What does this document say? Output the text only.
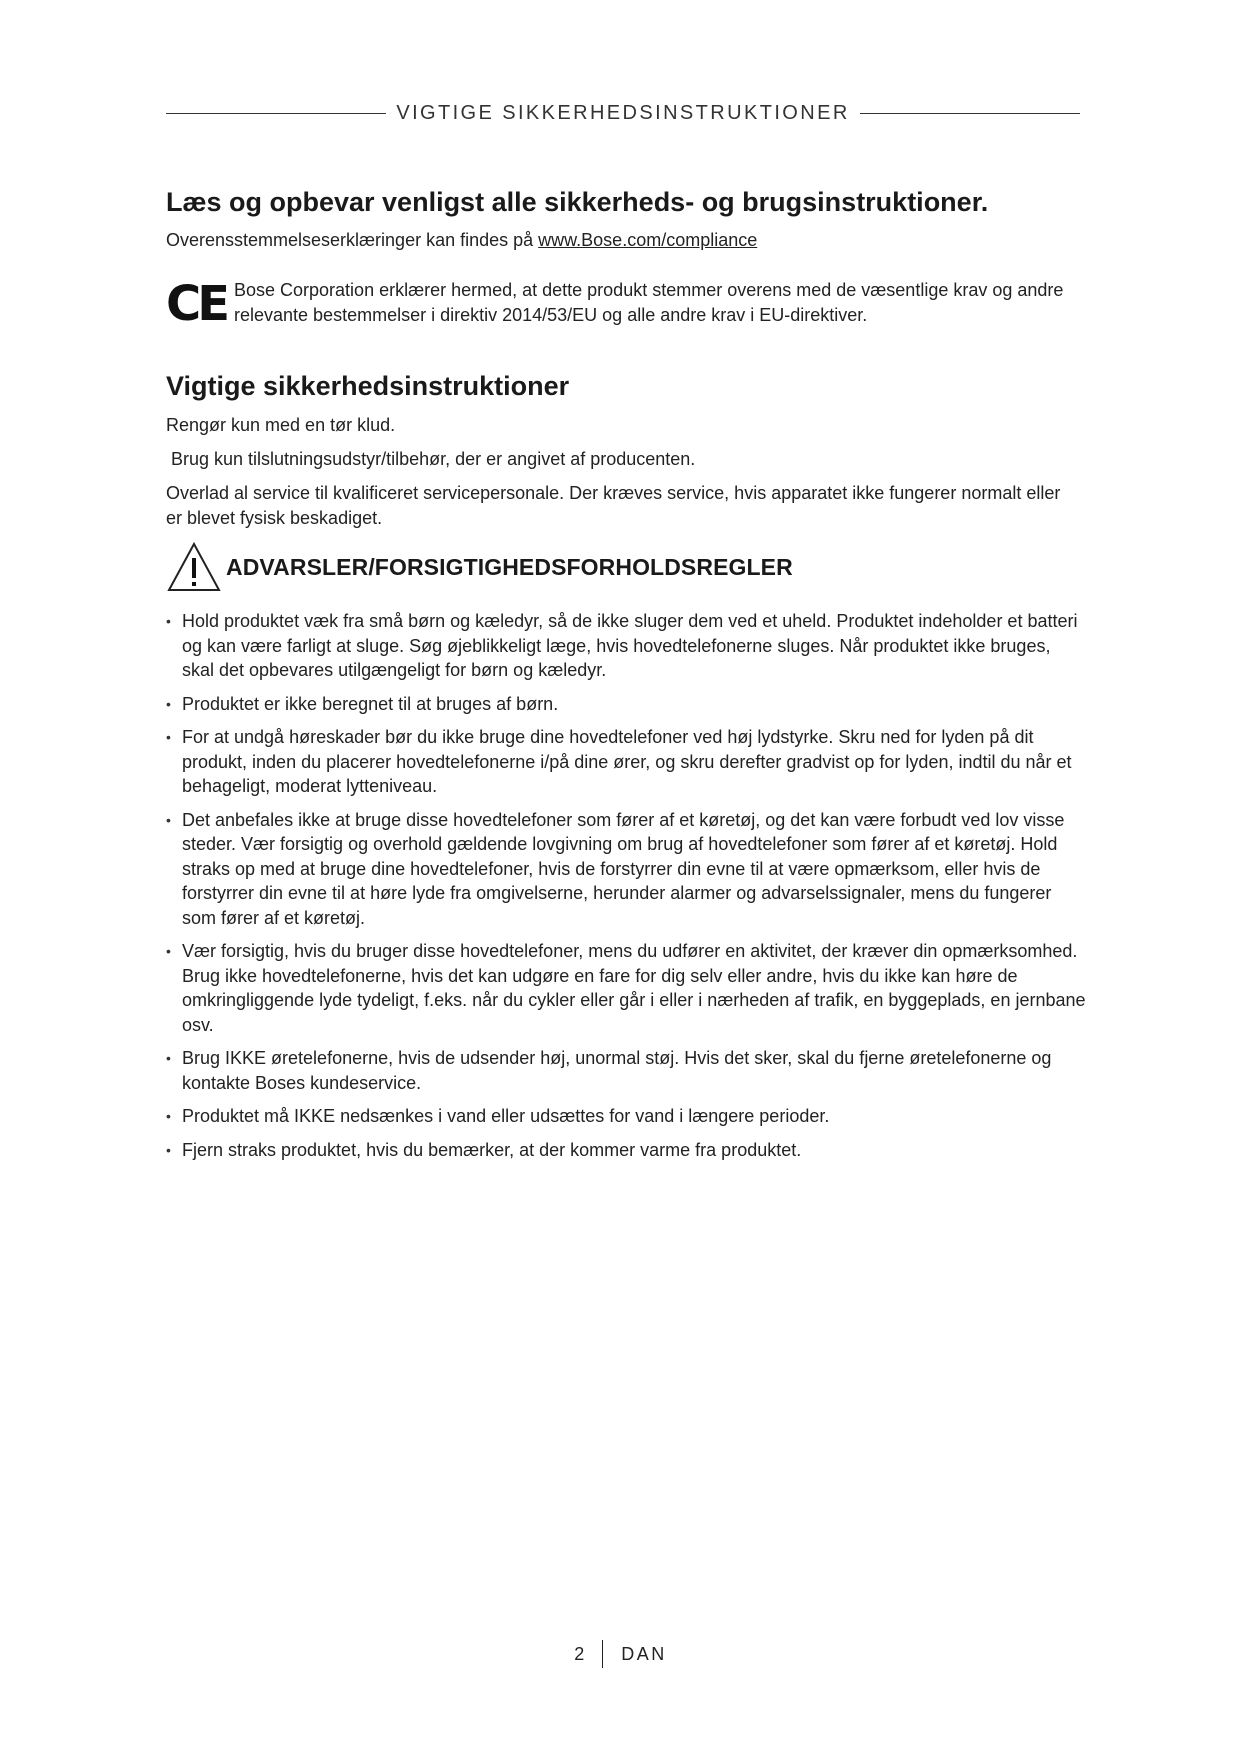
VIGTIGE SIKKERHEDSINSTRUKTIONER
Læs og opbevar venligst alle sikkerheds- og brugsinstruktioner.
Overensstemmelseserklæringer kan findes på www.Bose.com/compliance
CE Bose Corporation erklærer hermed, at dette produkt stemmer overens med de væsentlige krav og andre relevante bestemmelser i direktiv 2014/53/EU og alle andre krav i EU-direktiver.
Vigtige sikkerhedsinstruktioner

Rengør kun med en tør klud.

Brug kun tilslutningsudstyr/tilbehør, der er angivet af producenten.

Overlad al service til kvalificeret servicepersonale. Der kræves service, hvis apparatet ikke fungerer normalt eller er blevet fysisk beskadiget.

ADVARSLER/FORSIGTIGHEDSFORHOLDSREGLER
• Hold produktet væk fra små børn og kæledyr, så de ikke sluger dem ved et uheld. Produktet indeholder et batteri og kan være farligt at sluge. Søg øjeblikkeligt læge, hvis hovedtelefonerne sluges. Når produktet ikke bruges, skal det opbevares utilgængeligt for børn og kæledyr.
• Produktet er ikke beregnet til at bruges af børn.
• For at undgå høreskader bør du ikke bruge dine hovedtelefoner ved høj lydstyrke. Skru ned for lyden på dit produkt, inden du placerer hovedtelefonerne i/på dine ører, og skru derefter gradvist op for lyden, indtil du når et behageligt, moderat lytteniveau.
• Det anbefales ikke at bruge disse hovedtelefoner som fører af et køretøj, og det kan være forbudt ved lov visse steder. Vær forsigtig og overhold gældende lovgivning om brug af hovedtelefoner som fører af et køretøj. Hold straks op med at bruge dine hovedtelefoner, hvis de forstyrrer din evne til at være opmærksom, eller hvis de forstyrrer din evne til at høre lyde fra omgivelserne, herunder alarmer og advarselssignaler, mens du fungerer som fører af et køretøj.
• Vær forsigtig, hvis du bruger disse hovedtelefoner, mens du udfører en aktivitet, der kræver din opmærksomhed. Brug ikke hovedtelefonerne, hvis det kan udgøre en fare for dig selv eller andre, hvis du ikke kan høre de omkringliggende lyde tydeligt, f.eks. når du cykler eller går i eller i nærheden af trafik, en byggeplads, en jernbane osv.
• Brug IKKE øretelefonerne, hvis de udsender høj, unormal støj. Hvis det sker, skal du fjerne øretelefonerne og kontakte Boses kundeservice.
• Produktet må IKKE nedsænkes i vand eller udsættes for vand i længere perioder.
• Fjern straks produktet, hvis du bemærker, at der kommer varme fra produktet.
2 DAN
